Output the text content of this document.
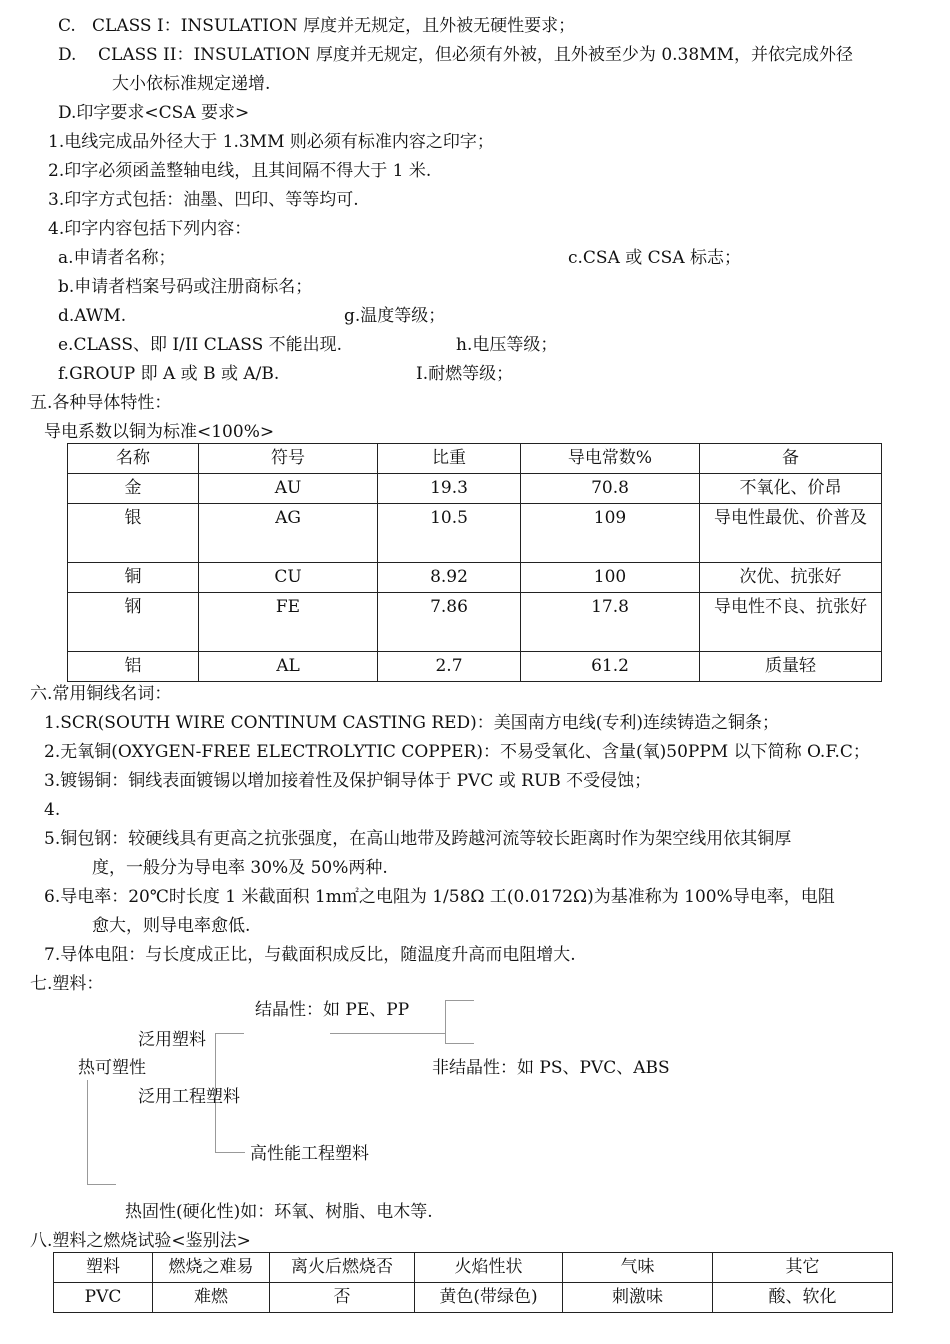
C.   CLASS I：INSULATION 厚度并无规定，且外被无硬性要求；
D.    CLASS II：INSULATION 厚度并无规定，但必须有外被，且外被至少为 0.38MM，并依完成外径
大小依标准规定递增.
D.印字要求<CSA 要求>
1.电线完成品外径大于 1.3MM 则必须有标准内容之印字；
2.印字必须函盖整轴电线，且其间隔不得大于 1 米.
3.印字方式包括：油墨、凹印、等等均可.
4.印字内容包括下列内容：
a.申请者名称；	c.CSA 或 CSA 标志；
b.申请者档案号码或注册商标名；
d.AWM.	g.温度等级；
e.CLASS、即 I/II CLASS 不能出现.	h.电压等级；
f.GROUP 即 A 或 B 或 A/B.	I.耐燃等级；
五.各种导体特性：
导电系数以铜为标准<100%>
名称	符号	比重	导电常数%	备
金	AU	19.3	70.8	不氧化、价昂
银	AG	10.5	109	导电性最优、价普及
铜	CU	8.92	100	次优、抗张好
钢	FE	7.86	17.8	导电性不良、抗张好
铝	AL	2.7	61.2	质量轻
六.常用铜线名词：
1.SCR(SOUTH WIRE CONTINUM CASTING RED)：美国南方电线(专利)连续铸造之铜条；
2.无氧铜(OXYGEN-FREE ELECTROLYTIC COPPER)：不易受氧化、含量(氧)50PPM 以下简称 O.F.C；
3.镀锡铜：铜线表面镀锡以增加接着性及保护铜导体于 PVC 或 RUB 不受侵蚀；
4.
5.铜包钢：较硬线具有更高之抗张强度，在高山地带及跨越河流等较长距离时作为架空线用依其铜厚
度，一般分为导电率 30%及 50%两种.
6.导电率：20℃时长度 1 米截面积 1m㎡之电阻为 1/58Ω 工(0.0172Ω)为基准称为 100%导电率，电阻
愈大，则导电率愈低.
7.导体电阻：与长度成正比，与截面积成反比，随温度升高而电阻增大.
七.塑料：
结晶性：如 PE、PP
泛用塑料
热可塑性	非结晶性：如 PS、PVC、ABS
泛用工程塑料
高性能工程塑料
热固性(硬化性)如：环氧、树脂、电木等.
八.塑料之燃烧试验<鉴别法>
塑料	燃烧之难易	离火后燃烧否	火焰性状	气味	其它
PVC	难燃	否	黄色(带绿色)	刺激味	酸、软化
